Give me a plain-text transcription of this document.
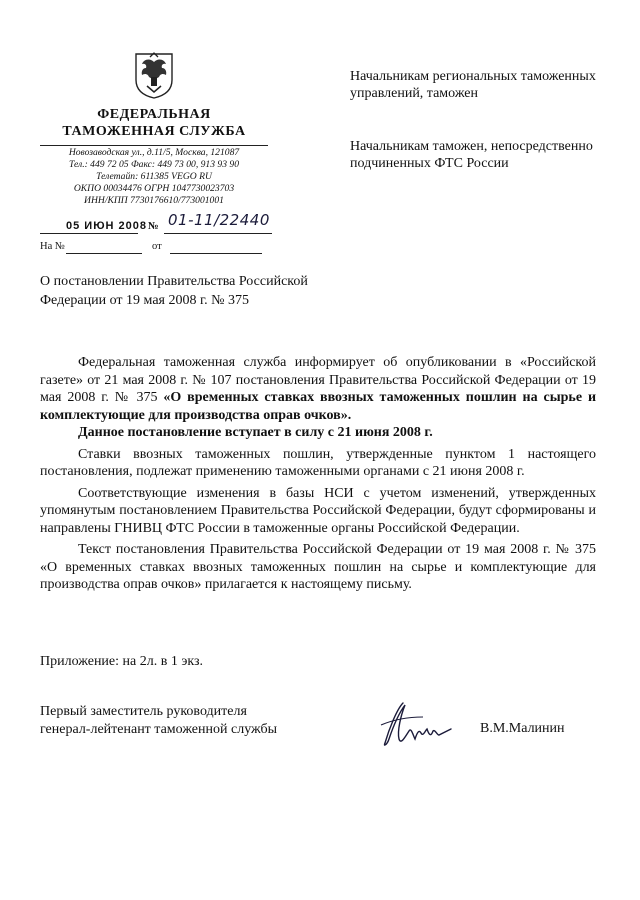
ФЕДЕРАЛЬНАЯ
ТАМОЖЕННАЯ СЛУЖБА
Новозаводская ул., д.11/5, Москва, 121087
Тел.: 449 72 05 Факс: 449 73 00, 913 93 90
Телетайп: 611385 VEGO RU
ОКПО 00034476 ОГРН 1047730023703
ИНН/КПП 7730176610/773001001
05 ИЮН 2008 № 01-11/22440
На №	от
Начальникам региональных таможенных управлений, таможен
Начальникам таможен, непосредственно подчиненных ФТС России
О постановлении Правительства Российской Федерации от 19 мая 2008 г. № 375

Федеральная таможенная служба информирует об опубликовании в «Российской газете» от 21 мая 2008 г. № 107 постановления Правительства Российской Федерации от 19 мая 2008 г. № 375 «О временных ставках ввозных таможенных пошлин на сырье и комплектующие для производства оправ очков».

Данное постановление вступает в силу с 21 июня 2008 г.

Ставки ввозных таможенных пошлин, утвержденные пунктом 1 настоящего постановления, подлежат применению таможенными органами с 21 июня 2008 г.

Соответствующие изменения в базы НСИ с учетом изменений, утвержденных упомянутым постановлением Правительства Российской Федерации, будут сформированы и направлены ГНИВЦ ФТС России в таможенные органы Российской Федерации.

Текст постановления Правительства Российской Федерации от 19 мая 2008 г. № 375 «О временных ставках ввозных таможенных пошлин на сырье и комплектующие для производства оправ очков» прилагается к настоящему письму.

Приложение: на 2л. в 1 экз.
Первый заместитель руководителя
генерал-лейтенант таможенной службы	В.М.Малинин
